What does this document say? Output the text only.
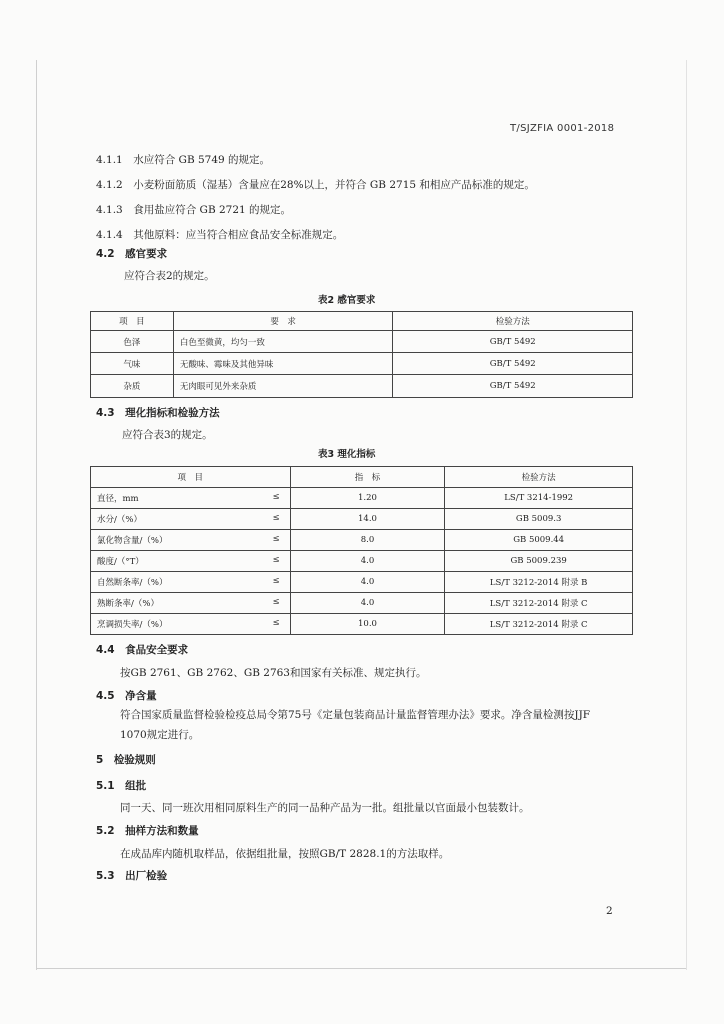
T/SJZFIA 0001-2018
4.1.1　 水应符合 GB 5749 的规定。
4.1.2　 小麦粉面筋质（湿基）含量应在28%以上，并符合 GB 2715 和相应产品标准的规定。
4.1.3　 食用盐应符合 GB 2721 的规定。
4.1.4　 其他原料：应当符合相应食品安全标准规定。
4.2　 感官要求
应符合表2的规定。
表2 感官要求
项　目	要　求	检验方法
色泽	白色至微黄，均匀一致	GB/T 5492
气味	无酸味、霉味及其他异味	GB/T 5492
杂质	无肉眼可见外来杂质	GB/T 5492
4.3　 理化指标和检验方法
应符合表3的规定。
表3 理化指标
项　目	指　标	检验方法
直径，mm ≤	1.20	LS/T 3214-1992
水分/（%） ≤	14.0	GB 5009.3
氯化物含量/（%） ≤	8.0	GB 5009.44
酸度/（°T） ≤	4.0	GB 5009.239
自然断条率/（%） ≤	4.0	LS/T 3212-2014 附录 B
熟断条率/（%） ≤	4.0	LS/T 3212-2014 附录 C
烹调损失率/（%） ≤	10.0	LS/T 3212-2014 附录 C
4.4　 食品安全要求
按GB 2761、GB 2762、GB 2763和国家有关标准、规定执行。
4.5　 净含量
符合国家质量监督检验检疫总局令第75号《定量包装商品计量监督管理办法》要求。净含量检测按JJF 1070规定进行。
5　 检验规则
5.1　 组批
同一天、同一班次用相同原料生产的同一品种产品为一批。组批量以官面最小包装数计。
5.2　 抽样方法和数量
在成品库内随机取样品，依据组批量，按照GB/T 2828.1的方法取样。
5.3　 出厂检验
2
